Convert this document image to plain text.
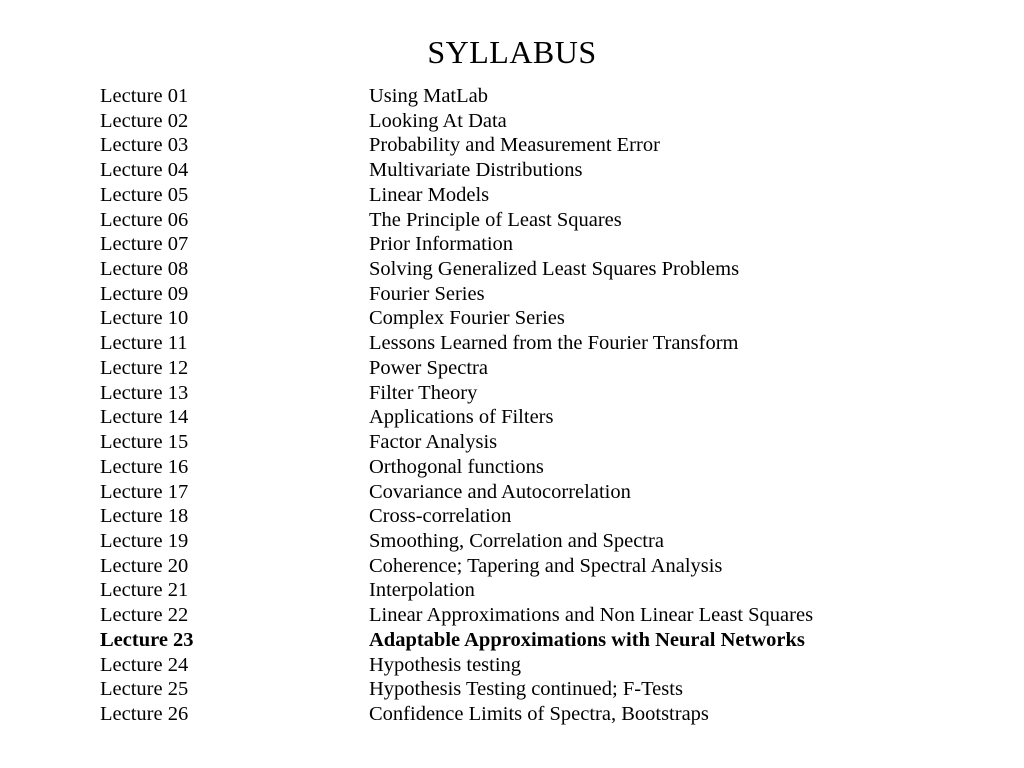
SYLLABUS
Lecture 01	Using MatLab
Lecture 02	Looking At Data
Lecture 03	Probability and Measurement Error
Lecture 04	Multivariate Distributions
Lecture 05	Linear Models
Lecture 06	The Principle of Least Squares
Lecture 07	Prior Information
Lecture 08	Solving Generalized Least Squares Problems
Lecture 09	Fourier Series
Lecture 10	Complex Fourier Series
Lecture 11	Lessons Learned from the Fourier Transform
Lecture 12	Power Spectra
Lecture 13	Filter Theory
Lecture 14	Applications of Filters
Lecture 15	Factor Analysis
Lecture 16	Orthogonal functions
Lecture 17	Covariance and Autocorrelation
Lecture 18	Cross-correlation
Lecture 19	Smoothing, Correlation and Spectra
Lecture 20	Coherence; Tapering and Spectral Analysis
Lecture 21	Interpolation
Lecture 22	Linear Approximations and Non Linear Least Squares
Lecture 23	Adaptable Approximations with Neural Networks
Lecture 24	Hypothesis testing
Lecture 25	Hypothesis Testing continued; F-Tests
Lecture 26	Confidence Limits of Spectra, Bootstraps
